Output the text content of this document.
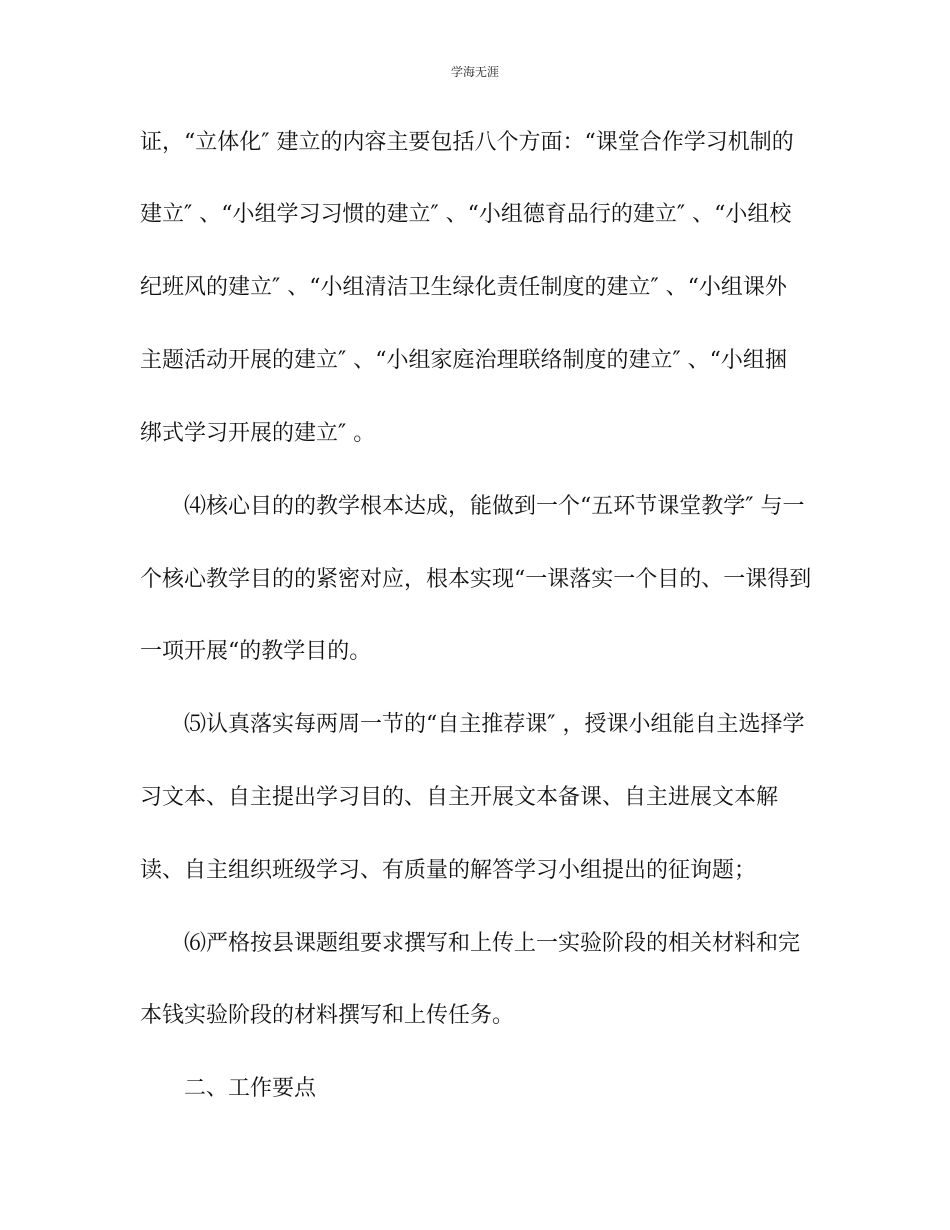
学海无涯
证，“立体化″ 建立的内容主要包括八个方面：“课堂合作学习机制的
建立″ 、“小组学习习惯的建立″ 、“小组德育品行的建立″ 、“小组校
纪班风的建立″ 、“小组清洁卫生绿化责任制度的建立″ 、“小组课外
主题活动开展的建立″ 、“小组家庭治理联络制度的建立″ 、“小组捆
绑式学习开展的建立″ 。
⑷核心目的的教学根本达成，能做到一个“五环节课堂教学″ 与一
个核心教学目的的紧密对应，根本实现“一课落实一个目的、一课得到
一项开展“的教学目的。
⑸认真落实每两周一节的“自主推荐课″ ，授课小组能自主选择学
习文本、自主提出学习目的、自主开展文本备课、自主进展文本解
读、自主组织班级学习、有质量的解答学习小组提出的征询题；
⑹严格按县课题组要求撰写和上传上一实验阶段的相关材料和完
本钱实验阶段的材料撰写和上传任务。
二、工作要点
